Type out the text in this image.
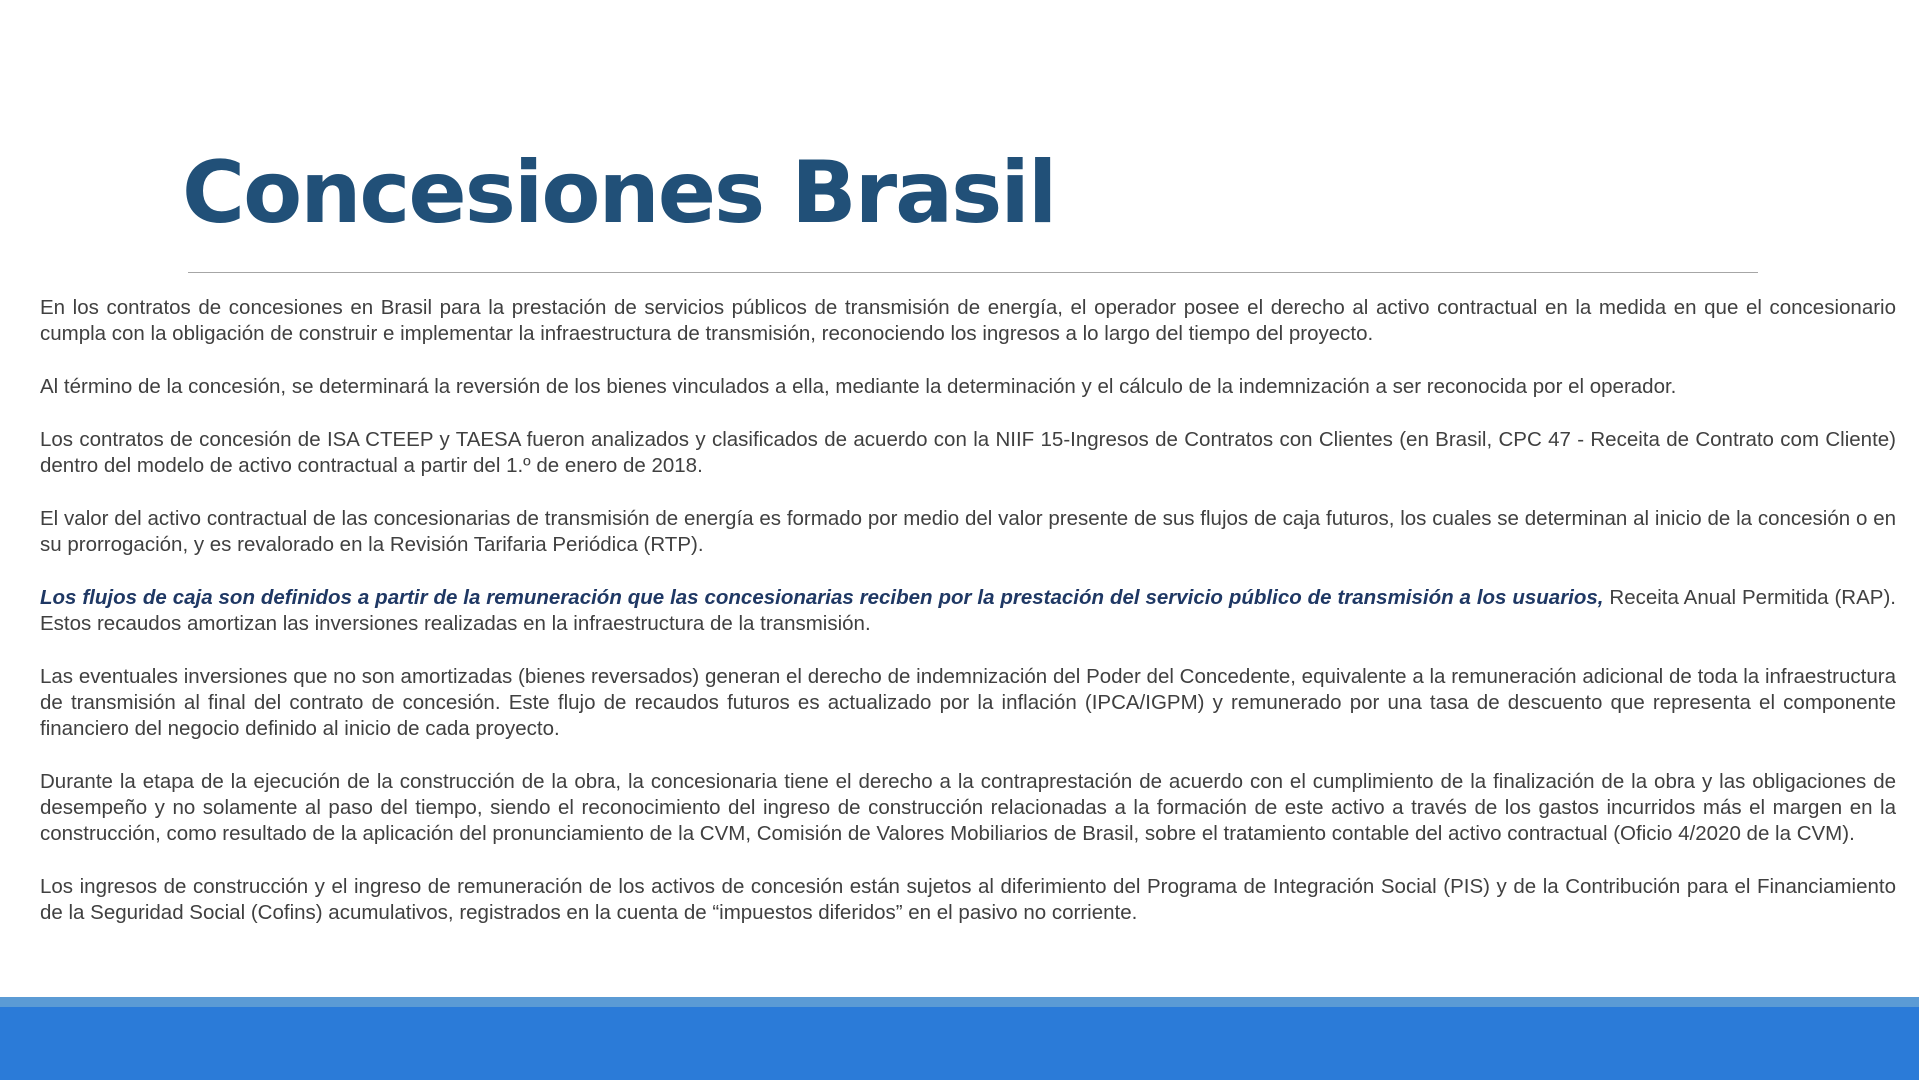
Concesiones Brasil

En los contratos de concesiones en Brasil para la prestación de servicios públicos de transmisión de energía, el operador posee el derecho al activo contractual en la medida en que el concesionario cumpla con la obligación de construir e implementar la infraestructura de transmisión, reconociendo los ingresos a lo largo del tiempo del proyecto.

Al término de la concesión, se determinará la reversión de los bienes vinculados a ella, mediante la determinación y el cálculo de la indemnización a ser reconocida por el operador.

Los contratos de concesión de ISA CTEEP y TAESA fueron analizados y clasificados de acuerdo con la NIIF 15-Ingresos de Contratos con Clientes (en Brasil, CPC 47 - Receita de Contrato com Cliente) dentro del modelo de activo contractual a partir del 1.º de enero de 2018.

El valor del activo contractual de las concesionarias de transmisión de energía es formado por medio del valor presente de sus flujos de caja futuros, los cuales se determinan al inicio de la concesión o en su prorrogación, y es revalorado en la Revisión Tarifaria Periódica (RTP).

Los flujos de caja son definidos a partir de la remuneración que las concesionarias reciben por la prestación del servicio público de transmisión a los usuarios, Receita Anual Permitida (RAP). Estos recaudos amortizan las inversiones realizadas en la infraestructura de la transmisión.

Las eventuales inversiones que no son amortizadas (bienes reversados) generan el derecho de indemnización del Poder del Concedente, equivalente a la remuneración adicional de toda la infraestructura de transmisión al final del contrato de concesión. Este flujo de recaudos futuros es actualizado por la inflación (IPCA/IGPM) y remunerado por una tasa de descuento que representa el componente financiero del negocio definido al inicio de cada proyecto.

Durante la etapa de la ejecución de la construcción de la obra, la concesionaria tiene el derecho a la contraprestación de acuerdo con el cumplimiento de la finalización de la obra y las obligaciones de desempeño y no solamente al paso del tiempo, siendo el reconocimiento del ingreso de construcción relacionadas a la formación de este activo a través de los gastos incurridos más el margen en la construcción, como resultado de la aplicación del pronunciamiento de la CVM, Comisión de Valores Mobiliarios de Brasil, sobre el tratamiento contable del activo contractual (Oficio 4/2020 de la CVM).

Los ingresos de construcción y el ingreso de remuneración de los activos de concesión están sujetos al diferimiento del Programa de Integración Social (PIS) y de la Contribución para el Financiamiento de la Seguridad Social (Cofins) acumulativos, registrados en la cuenta de “impuestos diferidos” en el pasivo no corriente.
